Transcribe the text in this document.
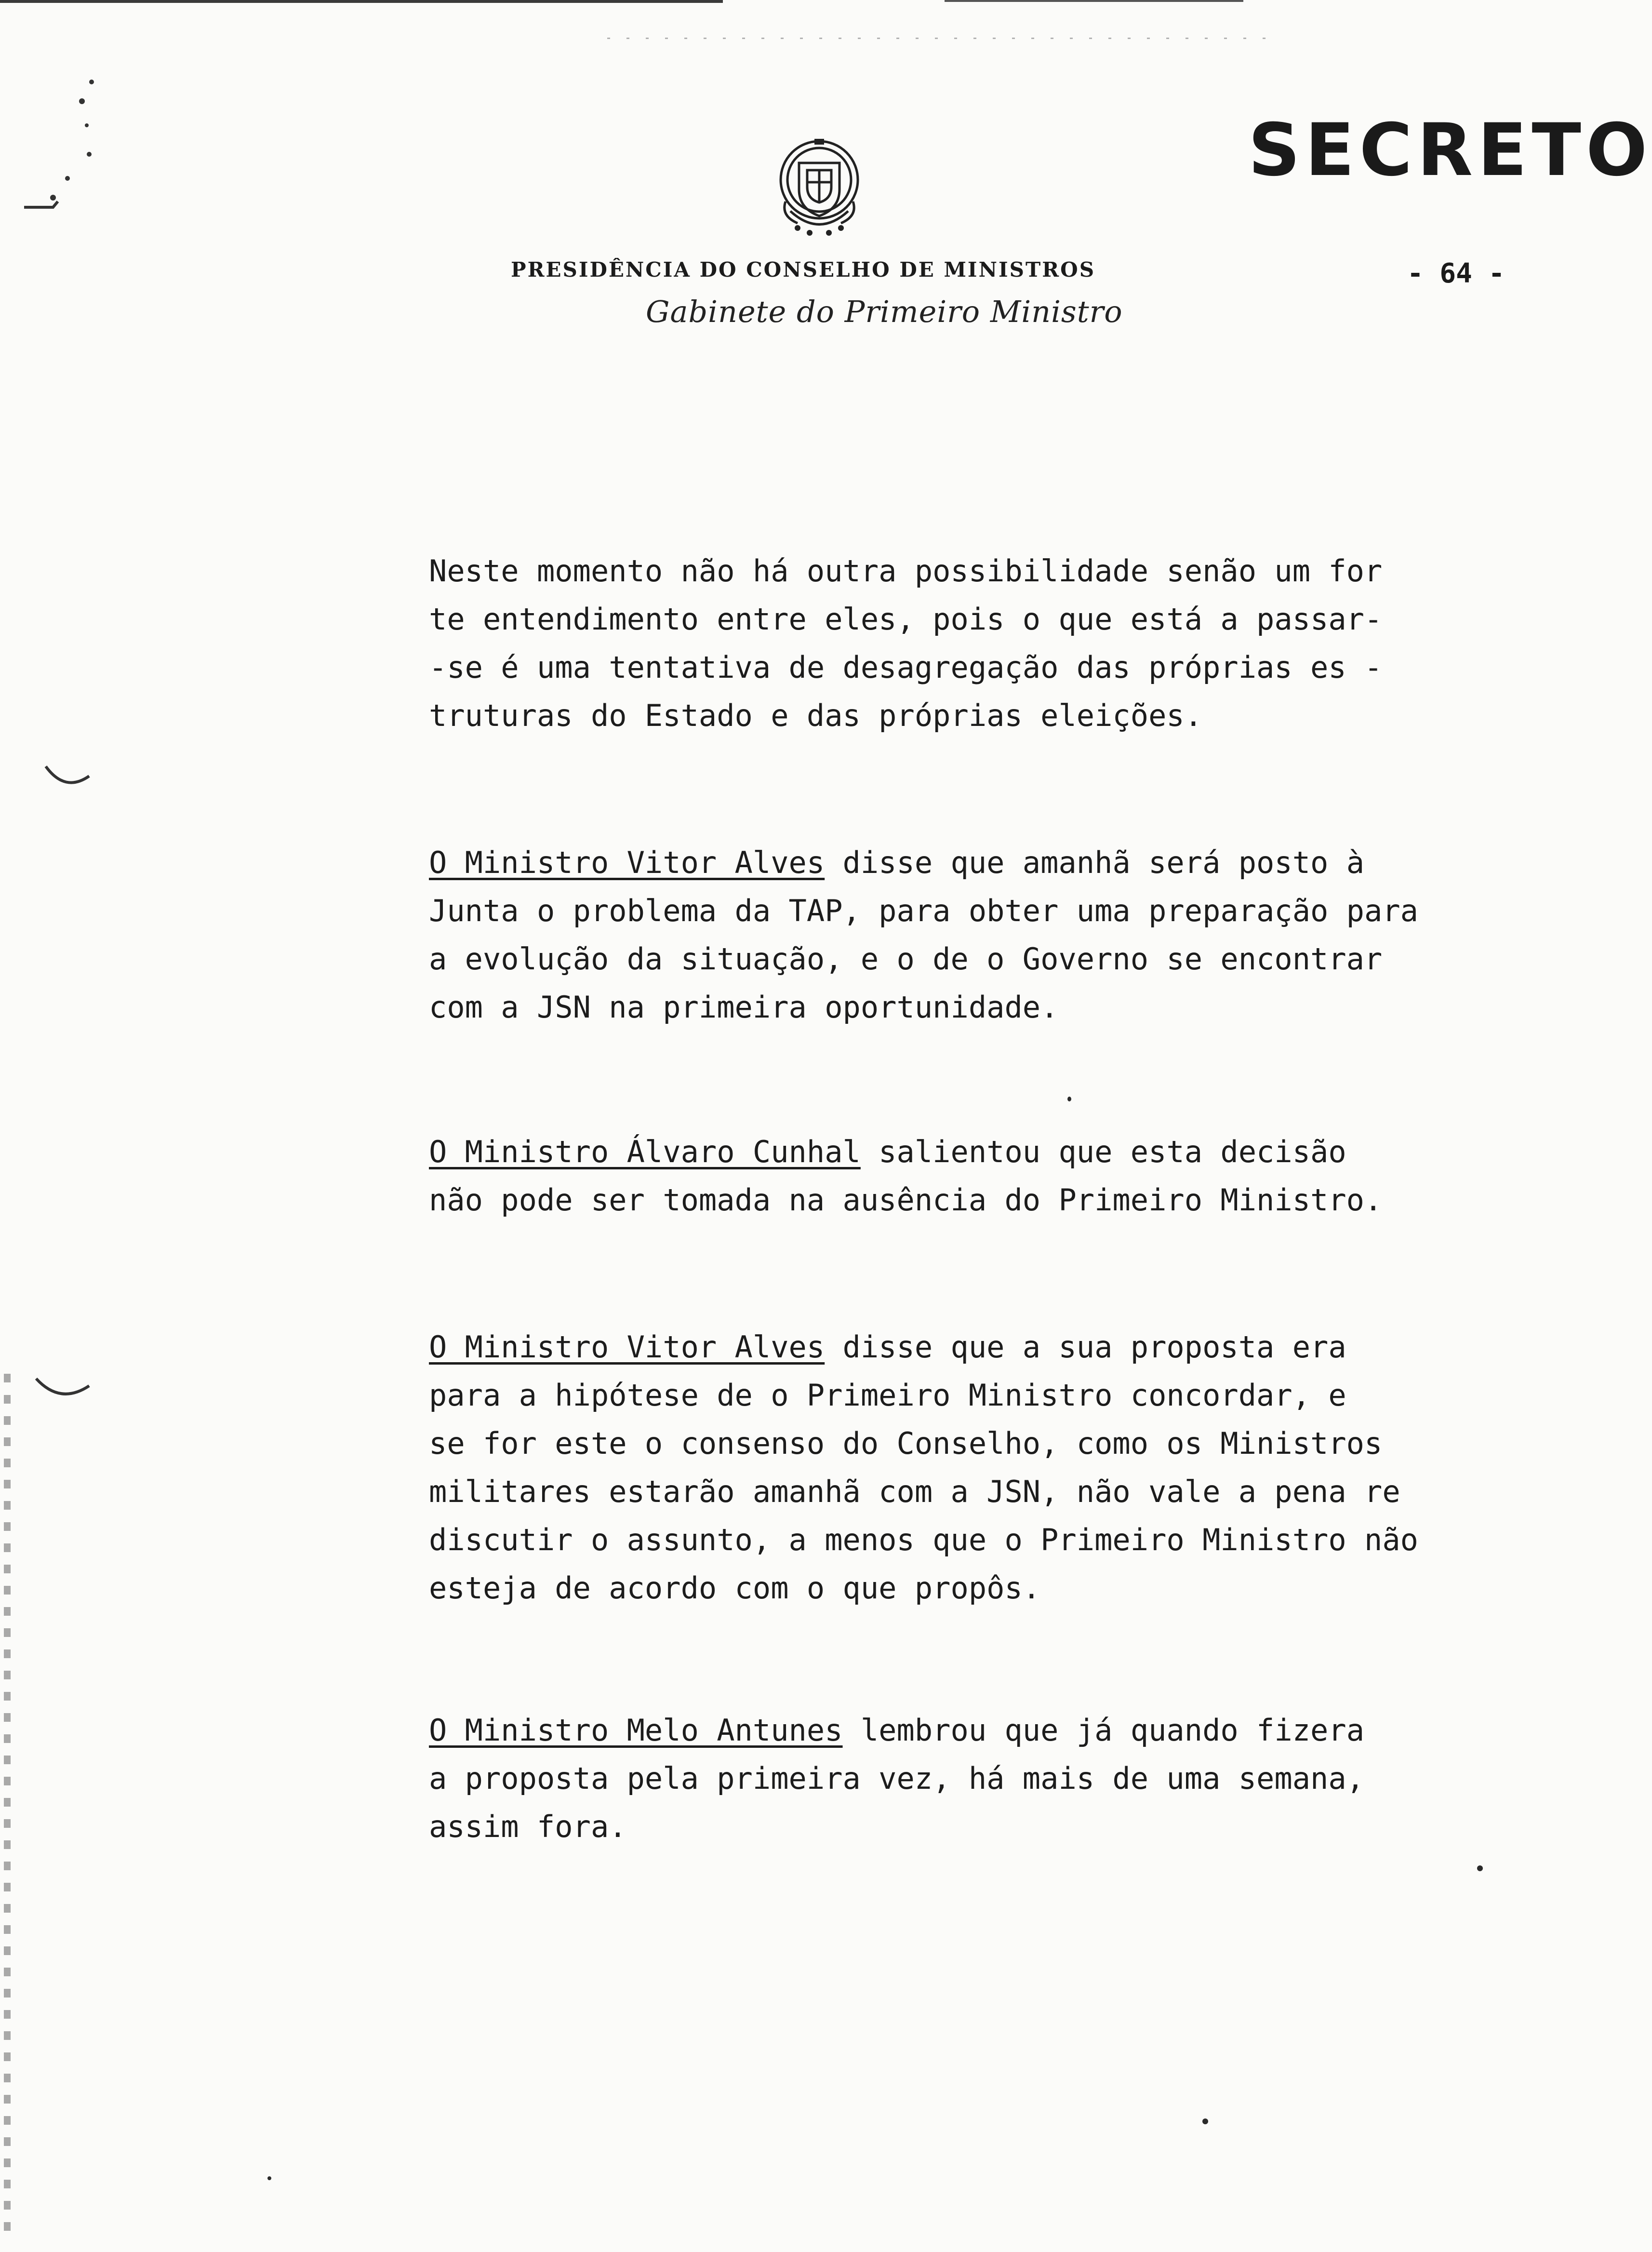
SECRETO
PRESIDÊNCIA DO CONSELHO DE MINISTROS
Gabinete do Primeiro Ministro
- 64 -
Neste momento não há outra possibilidade senão um for
te entendimento entre eles, pois o que está a passar-
-se é uma tentativa de desagregação das próprias es -
truturas do Estado e das próprias eleições.
O Ministro Vitor Alves disse que amanhã será posto à
Junta o problema da TAP, para obter uma preparação para
a evolução da situação, e o de o Governo se encontrar
com a JSN na primeira oportunidade.
O Ministro Álvaro Cunhal salientou que esta decisão
não pode ser tomada na ausência do Primeiro Ministro.
O Ministro Vitor Alves disse que a sua proposta era
para a hipótese de o Primeiro Ministro concordar, e
se for este o consenso do Conselho, como os Ministros
militares estarão amanhã com a JSN, não vale a pena re
discutir o assunto, a menos que o Primeiro Ministro não
esteja de acordo com o que propôs.
O Ministro Melo Antunes lembrou que já quando fizera
a proposta pela primeira vez, há mais de uma semana,
assim fora.
